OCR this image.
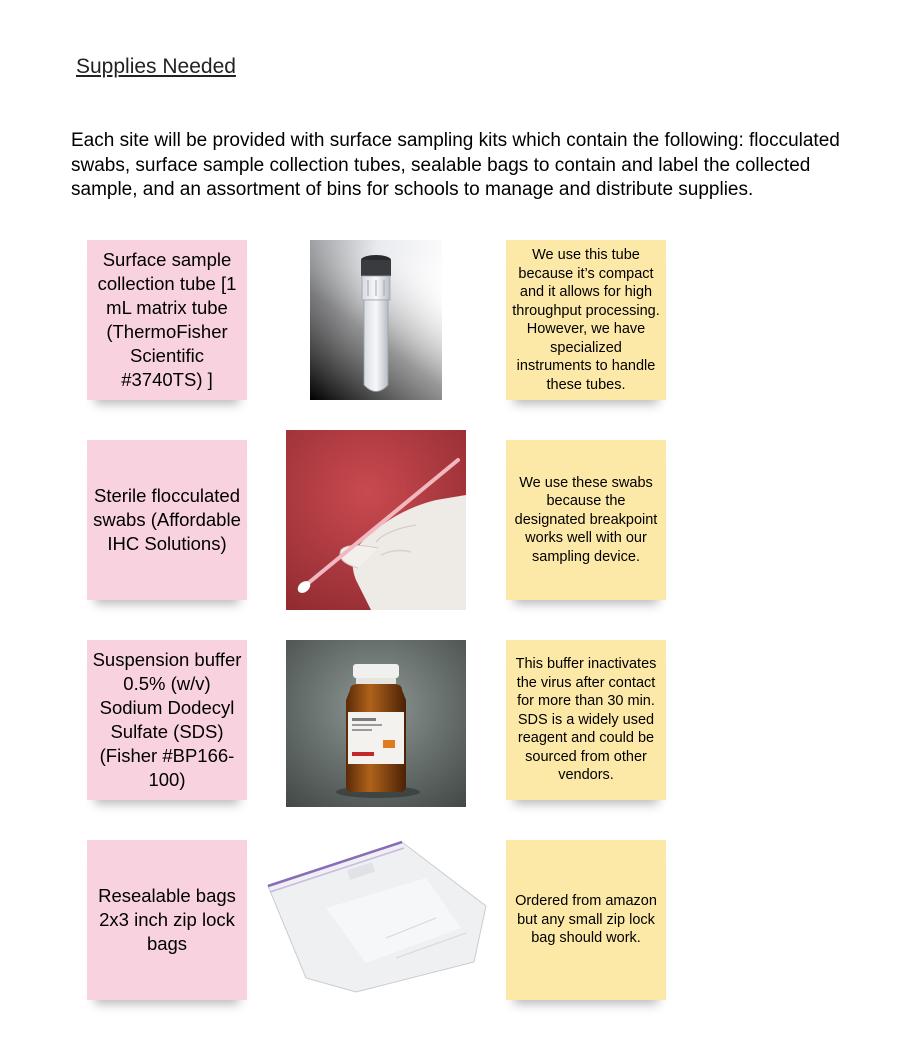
Supplies Needed
Each site will be provided with surface sampling kits which contain the following: flocculated swabs, surface sample collection tubes, sealable bags to contain and label the collected sample, and an assortment of bins for schools to manage and distribute supplies.
Surface sample collection tube [1 mL matrix tube (ThermoFisher Scientific #3740TS) ]
We use this tube because it’s compact and it allows for high throughput processing. However, we have specialized instruments to handle these tubes.
Sterile flocculated swabs (Affordable IHC Solutions)
We use these swabs because the designated breakpoint works well with our sampling device.
Suspension buffer 0.5% (w/v) Sodium Dodecyl Sulfate (SDS) (Fisher #BP166-100)
This buffer inactivates the virus after contact for more than 30 min. SDS is a widely used reagent and could be sourced from other vendors.
Resealable bags 2x3 inch zip lock bags
Ordered from amazon but any small zip lock bag should work.
